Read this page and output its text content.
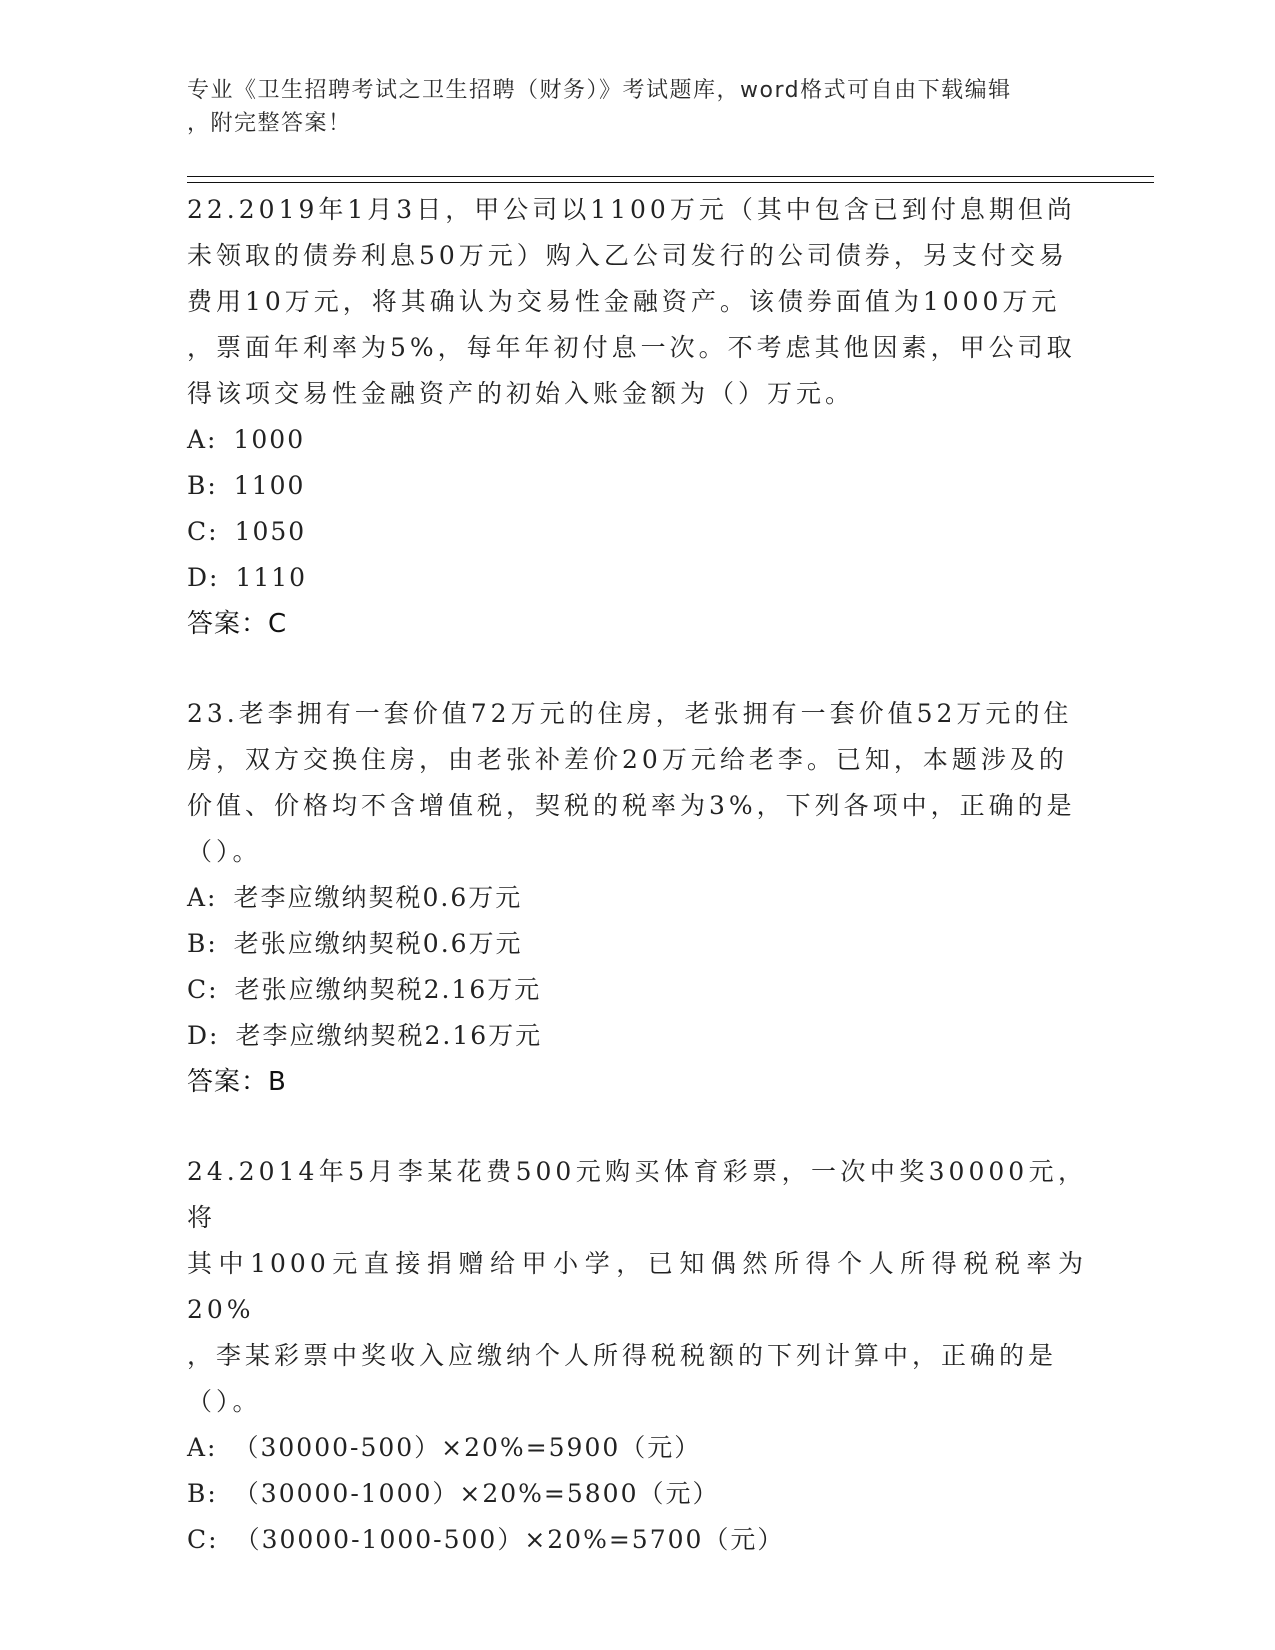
专业《卫生招聘考试之卫生招聘（财务）》考试题库，word格式可自由下载编辑
，附完整答案！
22.2019年1月3日，甲公司以1100万元（其中包含已到付息期但尚
未领取的债券利息50万元）购入乙公司发行的公司债券，另支付交易
费用10万元，将其确认为交易性金融资产。该债券面值为1000万元
，票面年利率为5%，每年年初付息一次。不考虑其他因素，甲公司取
得该项交易性金融资产的初始入账金额为（）万元。
A: 1000
B: 1100
C: 1050
D: 1110
答案：C
23.老李拥有一套价值72万元的住房，老张拥有一套价值52万元的住
房，双方交换住房，由老张补差价20万元给老李。已知，本题涉及的
价值、价格均不含增值税，契税的税率为3%，下列各项中，正确的是
（）。
A: 老李应缴纳契税0.6万元
B: 老张应缴纳契税0.6万元
C: 老张应缴纳契税2.16万元
D: 老李应缴纳契税2.16万元
答案：B
24.2014年5月李某花费500元购买体育彩票，一次中奖30000元，将
其中1000元直接捐赠给甲小学，已知偶然所得个人所得税税率为20%
，李某彩票中奖收入应缴纳个人所得税税额的下列计算中，正确的是
（）。
A: （30000-500）×20%=5900（元）
B: （30000-1000）×20%=5800（元）
C: （30000-1000-500）×20%=5700（元）
